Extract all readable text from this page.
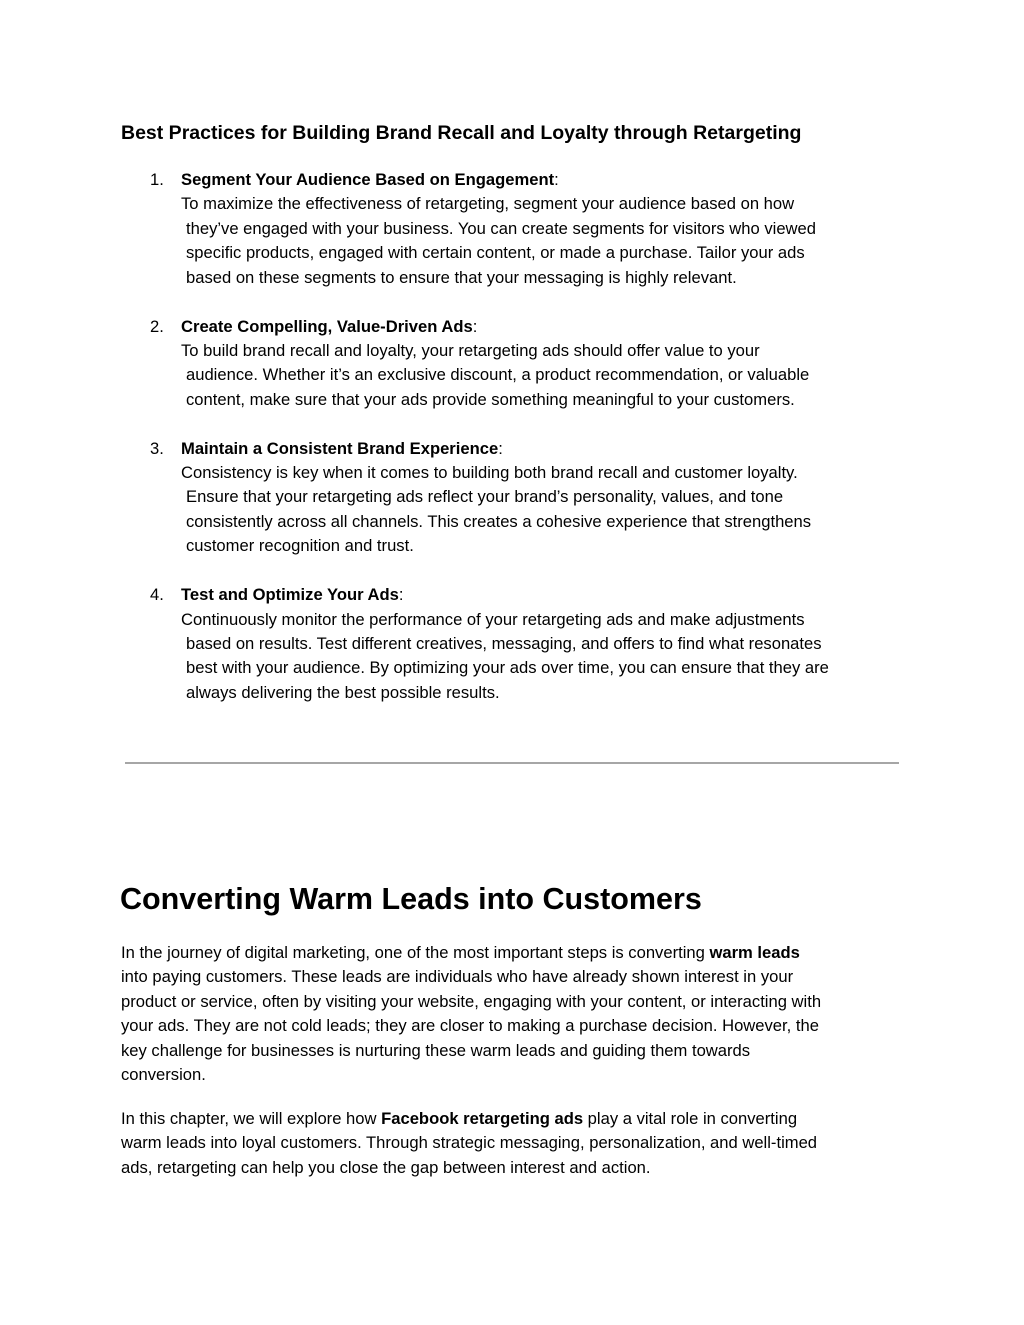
Best Practices for Building Brand Recall and Loyalty through Retargeting
1. Segment Your Audience Based on Engagement:
To maximize the effectiveness of retargeting, segment your audience based on how
they’ve engaged with your business. You can create segments for visitors who viewed
specific products, engaged with certain content, or made a purchase. Tailor your ads
based on these segments to ensure that your messaging is highly relevant.
2. Create Compelling, Value-Driven Ads:
To build brand recall and loyalty, your retargeting ads should offer value to your
audience. Whether it’s an exclusive discount, a product recommendation, or valuable
content, make sure that your ads provide something meaningful to your customers.
3. Maintain a Consistent Brand Experience:
Consistency is key when it comes to building both brand recall and customer loyalty.
Ensure that your retargeting ads reflect your brand’s personality, values, and tone
consistently across all channels. This creates a cohesive experience that strengthens
customer recognition and trust.
4. Test and Optimize Your Ads:
Continuously monitor the performance of your retargeting ads and make adjustments
based on results. Test different creatives, messaging, and offers to find what resonates
best with your audience. By optimizing your ads over time, you can ensure that they are
always delivering the best possible results.
Converting Warm Leads into Customers

In the journey of digital marketing, one of the most important steps is converting warm leads
into paying customers. These leads are individuals who have already shown interest in your
product or service, often by visiting your website, engaging with your content, or interacting with
your ads. They are not cold leads; they are closer to making a purchase decision. However, the
key challenge for businesses is nurturing these warm leads and guiding them towards
conversion.

In this chapter, we will explore how Facebook retargeting ads play a vital role in converting
warm leads into loyal customers. Through strategic messaging, personalization, and well-timed
ads, retargeting can help you close the gap between interest and action.
